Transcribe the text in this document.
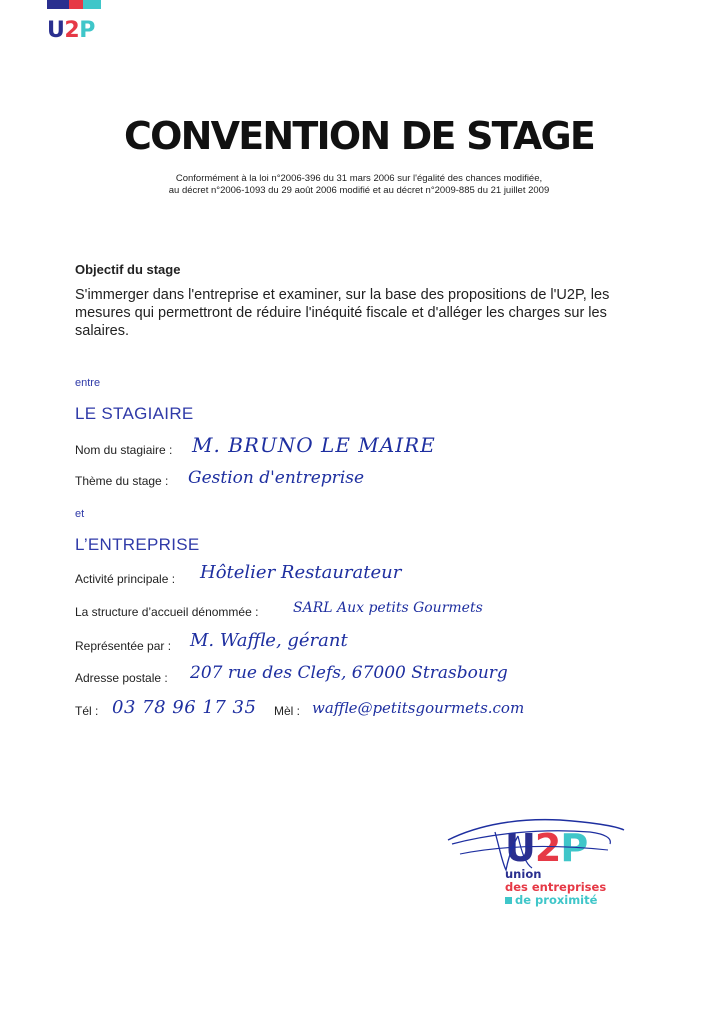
U2P
CONVENTION DE STAGE
Conformément à la loi n°2006-396 du 31 mars 2006 sur l'égalité des chances modifiée,
au décret n°2006-1093 du 29 août 2006 modifié et au décret n°2009-885 du 21 juillet 2009
Objectif du stage
S'immerger dans l'entreprise et examiner, sur la base des propositions de l'U2P, les mesures qui permettront de réduire l'inéquité fiscale et d'alléger les charges sur les salaires.
entre
LE STAGIAIRE
Nom du stagiaire : M. BRUNO LE MAIRE
Thème du stage : Gestion d'entreprise
et
L’ENTREPRISE
Activité principale : Hôtelier Restaurateur
La structure d’accueil dénommée : SARL Aux petits Gourmets
Représentée par : M. Waffle, gérant
Adresse postale : 207 rue des Clefs, 67000 Strasbourg
Tél : 03 78 96 17 35 Mèl : waffle@petitsgourmets.com
U2P
union
des entreprises
de proximité
